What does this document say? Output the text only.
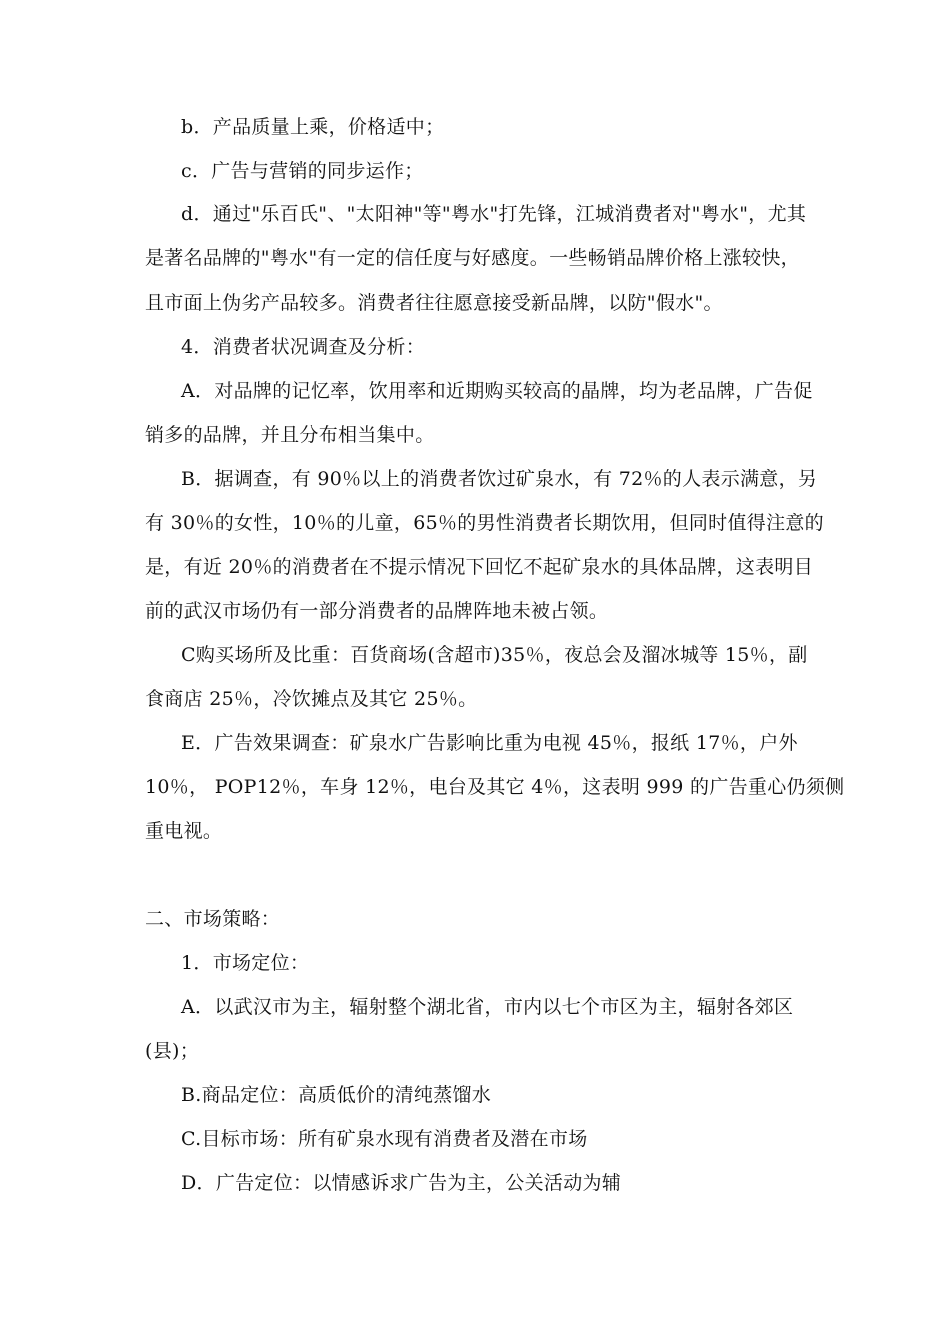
b．产品质量上乘，价格适中；
c．广告与营销的同步运作；
d．通过"乐百氏"、"太阳神"等"粤水"打先锋，江城消费者对"粤水"，尤其
是著名品牌的"粤水"有一定的信任度与好感度。一些畅销品牌价格上涨较快，
且市面上伪劣产品较多。消费者往往愿意接受新品牌，以防"假水"。
4．消费者状况调查及分析：
A．对品牌的记忆率，饮用率和近期购买较高的晶牌，均为老品牌，广告促
销多的品牌，并且分布相当集中。
B．据调查，有 90％以上的消费者饮过矿泉水，有 72％的人表示满意，另
有 30％的女性，10％的儿童，65％的男性消费者长期饮用，但同时值得注意的
是，有近 20％的消费者在不提示情况下回忆不起矿泉水的具体品牌，这表明目
前的武汉市场仍有一部分消费者的品牌阵地未被占领。
C购买场所及比重：百货商场(含超市)35％，夜总会及溜冰城等 15％，副
食商店 25％，冷饮摊点及其它 25％。
E．广告效果调查：矿泉水广告影响比重为电视 45％，报纸 17％，户外
10％， POP12％，车身 12％，电台及其它 4％，这表明 999 的广告重心仍须侧
重电视。
二、市场策略：
1．市场定位：
A．以武汉市为主，辐射整个湖北省，市内以七个市区为主，辐射各郊区
(县)；
B.商品定位：高质低价的清纯蒸馏水
C.目标市场：所有矿泉水现有消费者及潜在市场
D．广告定位：以情感诉求广告为主，公关活动为辅
